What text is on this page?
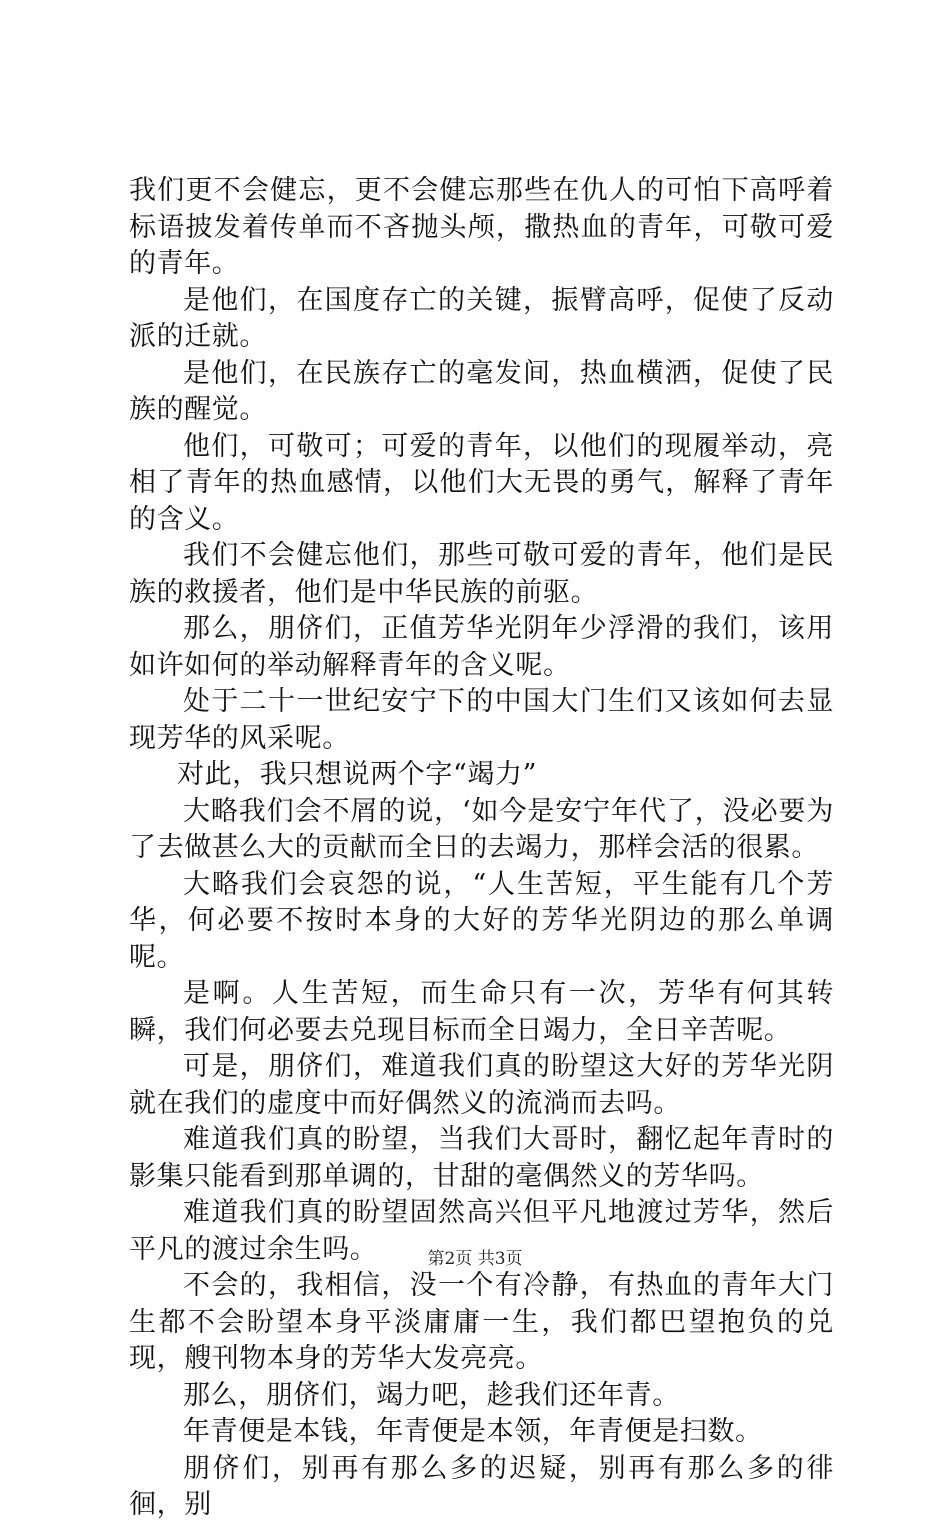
我们更不会健忘，更不会健忘那些在仇人的可怕下高呼着标语披发着传单而不吝抛头颅，撒热血的青年，可敬可爱的青年。

是他们，在国度存亡的关键，振臂高呼，促使了反动派的迁就。

是他们，在民族存亡的毫发间，热血横洒，促使了民族的醒觉。

他们，可敬可；可爱的青年，以他们的现履举动，亮相了青年的热血感情，以他们大无畏的勇气，解释了青年的含义。

我们不会健忘他们，那些可敬可爱的青年，他们是民族的救援者，他们是中华民族的前驱。

那么，朋侪们，正值芳华光阴年少浮滑的我们，该用如许如何的举动解释青年的含义呢。

处于二十一世纪安宁下的中国大门生们又该如何去显现芳华的风采呢。

对此，我只想说两个字“竭力”

大略我们会不屑的说，‘如今是安宁年代了，没必要为了去做甚么大的贡献而全日的去竭力，那样会活的很累。

大略我们会哀怨的说，“人生苦短，平生能有几个芳华，何必要不按时本身的大好的芳华光阴边的那么单调呢。

是啊。人生苦短，而生命只有一次，芳华有何其转瞬，我们何必要去兑现目标而全日竭力，全日辛苦呢。

可是，朋侪们，难道我们真的盼望这大好的芳华光阴就在我们的虚度中而好偶然义的流淌而去吗。

难道我们真的盼望，当我们大哥时，翻忆起年青时的影集只能看到那单调的，甘甜的毫偶然义的芳华吗。

难道我们真的盼望固然高兴但平凡地渡过芳华，然后平凡的渡过余生吗。

不会的，我相信，没一个有冷静，有热血的青年大门生都不会盼望本身平淡庸庸一生，我们都巴望抱负的兑现，艘刊物本身的芳华大发亮亮。

那么，朋侪们，竭力吧，趁我们还年青。

年青便是本钱，年青便是本领，年青便是扫数。

朋侪们，别再有那么多的迟疑，别再有那么多的徘徊，别

第2页 共3页
